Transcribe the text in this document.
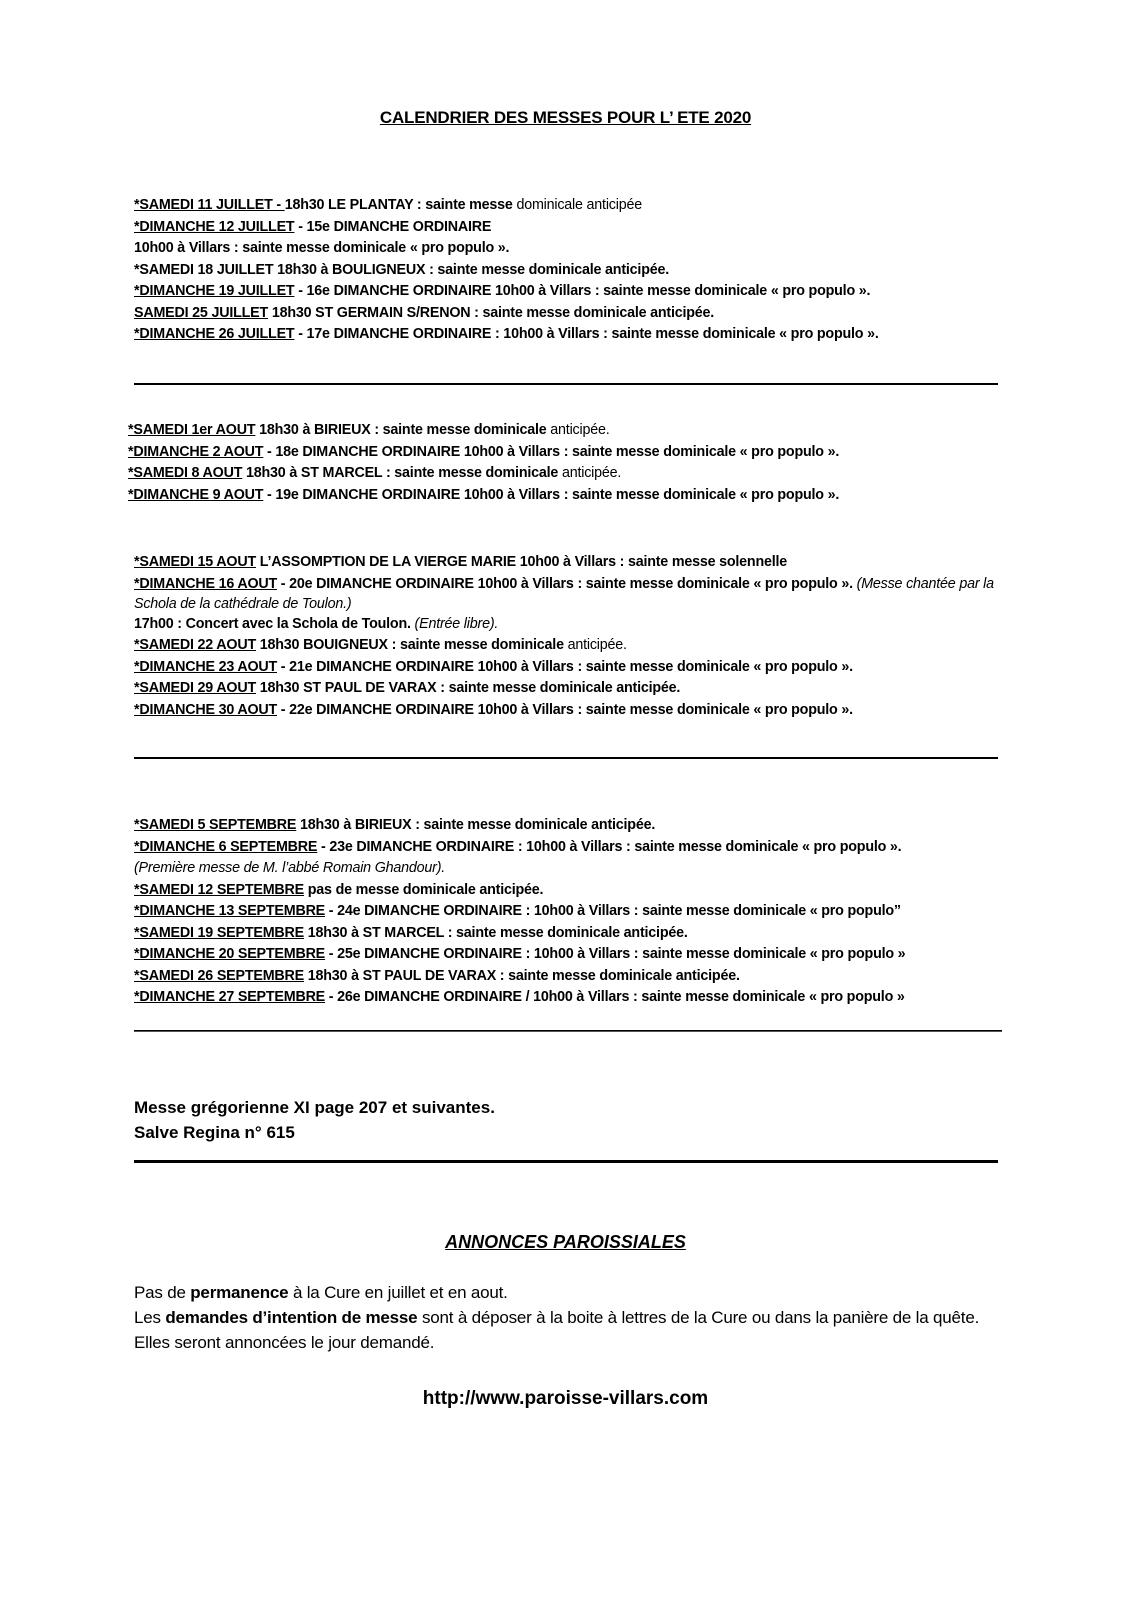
CALENDRIER DES MESSES POUR L’ ETE 2020
*SAMEDI 11 JUILLET - 18h30 LE PLANTAY : sainte messe dominicale anticipée
*DIMANCHE 12 JUILLET - 15e DIMANCHE ORDINAIRE
10h00 à Villars : sainte messe dominicale « pro populo ».
*SAMEDI 18 JUILLET 18h30 à BOULIGNEUX : sainte messe dominicale anticipée.
*DIMANCHE 19 JUILLET - 16e DIMANCHE ORDINAIRE 10h00 à Villars : sainte messe dominicale « pro populo ».
SAMEDI 25 JUILLET 18h30 ST GERMAIN S/RENON : sainte messe dominicale anticipée.
*DIMANCHE 26 JUILLET - 17e DIMANCHE ORDINAIRE : 10h00 à Villars : sainte messe dominicale « pro populo ».
*SAMEDI 1er AOUT 18h30 à BIRIEUX : sainte messe dominicale anticipée.
*DIMANCHE 2 AOUT - 18e DIMANCHE ORDINAIRE 10h00 à Villars : sainte messe dominicale « pro populo ».
*SAMEDI 8 AOUT 18h30 à ST MARCEL : sainte messe dominicale anticipée.
*DIMANCHE 9 AOUT - 19e DIMANCHE ORDINAIRE 10h00 à Villars : sainte messe dominicale « pro populo ».
*SAMEDI 15 AOUT L’ASSOMPTION DE LA VIERGE MARIE 10h00 à Villars : sainte messe solennelle
*DIMANCHE 16 AOUT - 20e DIMANCHE ORDINAIRE 10h00 à Villars : sainte messe dominicale « pro populo ». (Messe chantée par la Schola de la cathédrale de Toulon.)
17h00 : Concert avec la Schola de Toulon. (Entrée libre).
*SAMEDI 22 AOUT 18h30 BOUIGNEUX : sainte messe dominicale anticipée.
*DIMANCHE 23 AOUT - 21e DIMANCHE ORDINAIRE 10h00 à Villars : sainte messe dominicale « pro populo ».
*SAMEDI 29 AOUT 18h30 ST PAUL DE VARAX : sainte messe dominicale anticipée.
*DIMANCHE 30 AOUT - 22e DIMANCHE ORDINAIRE 10h00 à Villars : sainte messe dominicale « pro populo ».
*SAMEDI 5 SEPTEMBRE 18h30 à BIRIEUX : sainte messe dominicale anticipée.
*DIMANCHE 6 SEPTEMBRE - 23e DIMANCHE ORDINAIRE : 10h00 à Villars : sainte messe dominicale « pro populo ».
(Première messe de M. l’abbé Romain Ghandour).
*SAMEDI 12 SEPTEMBRE pas de messe dominicale anticipée.
*DIMANCHE 13 SEPTEMBRE - 24e DIMANCHE ORDINAIRE : 10h00 à Villars : sainte messe dominicale « pro populo”
*SAMEDI 19 SEPTEMBRE 18h30 à ST MARCEL : sainte messe dominicale anticipée.
*DIMANCHE 20 SEPTEMBRE - 25e DIMANCHE ORDINAIRE : 10h00 à Villars : sainte messe dominicale « pro populo »
*SAMEDI 26 SEPTEMBRE 18h30 à ST PAUL DE VARAX : sainte messe dominicale anticipée.
*DIMANCHE 27 SEPTEMBRE - 26e DIMANCHE ORDINAIRE / 10h00 à Villars : sainte messe dominicale « pro populo »
Messe grégorienne XI page 207 et suivantes.
Salve Regina n° 615
ANNONCES PAROISSIALES
Pas de permanence à la Cure en juillet et en aout.
Les demandes d’intention de messe sont à déposer à la boite à lettres de la Cure ou dans la panière de la quête. Elles seront annoncées le jour demandé.
http://www.paroisse-villars.com
